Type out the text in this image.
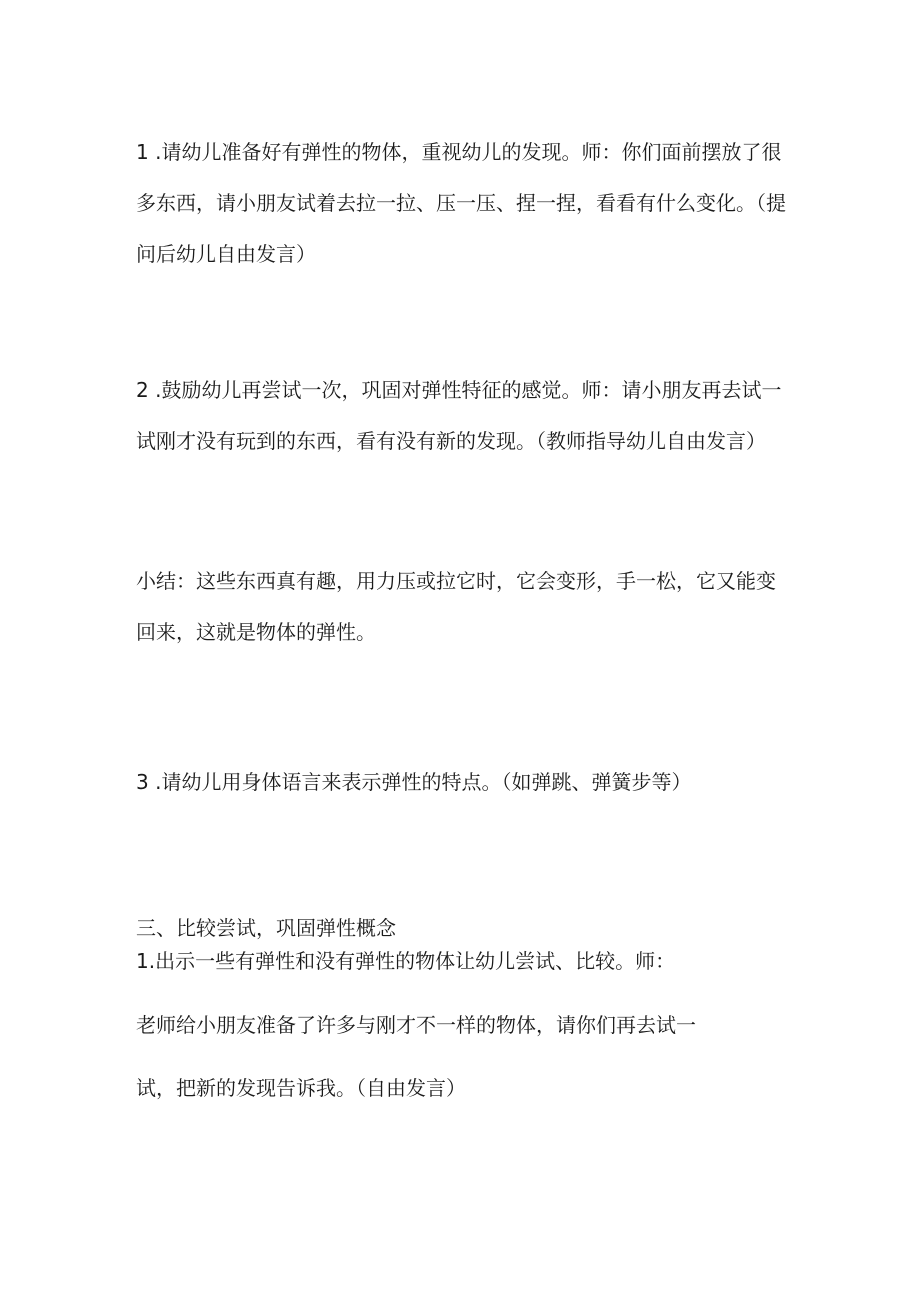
1 .请幼儿准备好有弹性的物体，重视幼儿的发现。师：你们面前摆放了很
多东西，请小朋友试着去拉一拉、压一压、捏一捏，看看有什么变化。（提
问后幼儿自由发言）
2 .鼓励幼儿再尝试一次，巩固对弹性特征的感觉。师：请小朋友再去试一
试刚才没有玩到的东西，看有没有新的发现。（教师指导幼儿自由发言）
小结：这些东西真有趣，用力压或拉它时，它会变形，手一松，它又能变
回来，这就是物体的弹性。
3 .请幼儿用身体语言来表示弹性的特点。（如弹跳、弹簧步等）
三、比较尝试，巩固弹性概念
1.出示一些有弹性和没有弹性的物体让幼儿尝试、比较。师：
老师给小朋友准备了许多与刚才不一样的物体，请你们再去试一
试，把新的发现告诉我。（自由发言）
